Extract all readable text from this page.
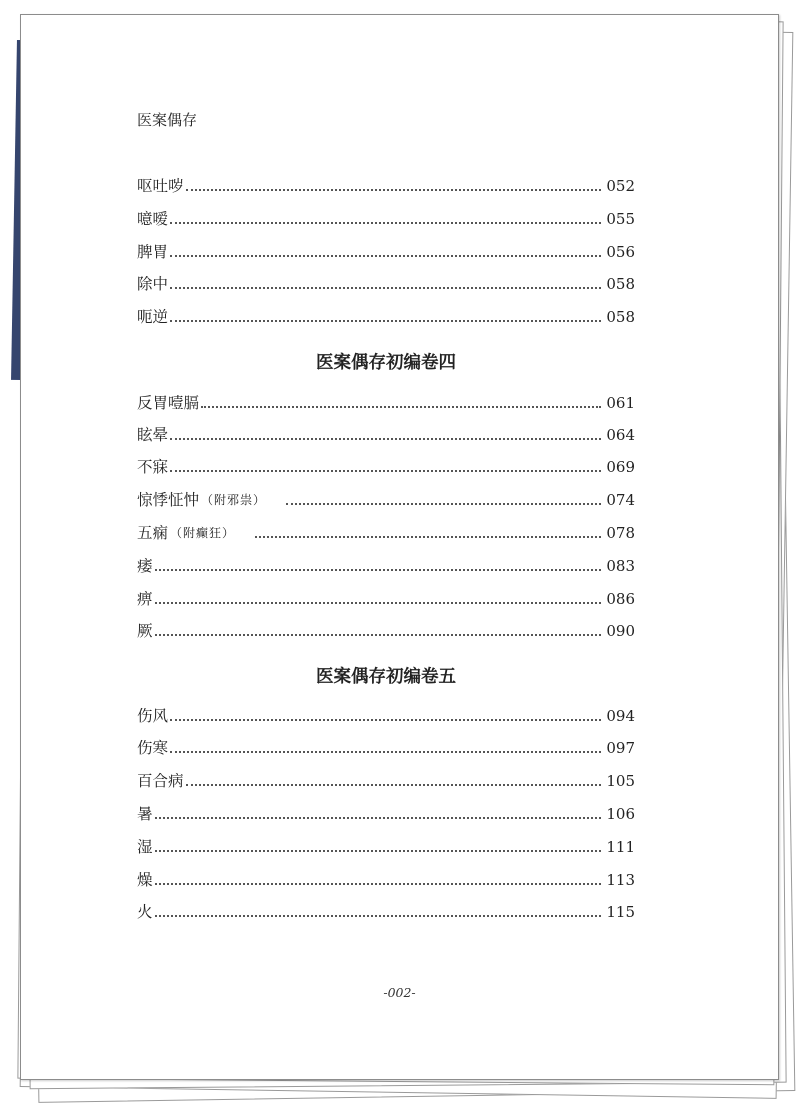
医案偶存
呕吐哕	052
噫嗳	055
脾胃	056
除中	058
呃逆	058
医案偶存初编卷四
反胃噎膈	061
眩晕	064
不寐	069
惊悸怔忡 （附邪祟）	074
五痫 （附癫狂）	078
痿	083
痹	086
厥	090
医案偶存初编卷五
伤风	094
伤寒	097
百合病	105
暑	106
湿	111
燥	113
火	115
-002-
